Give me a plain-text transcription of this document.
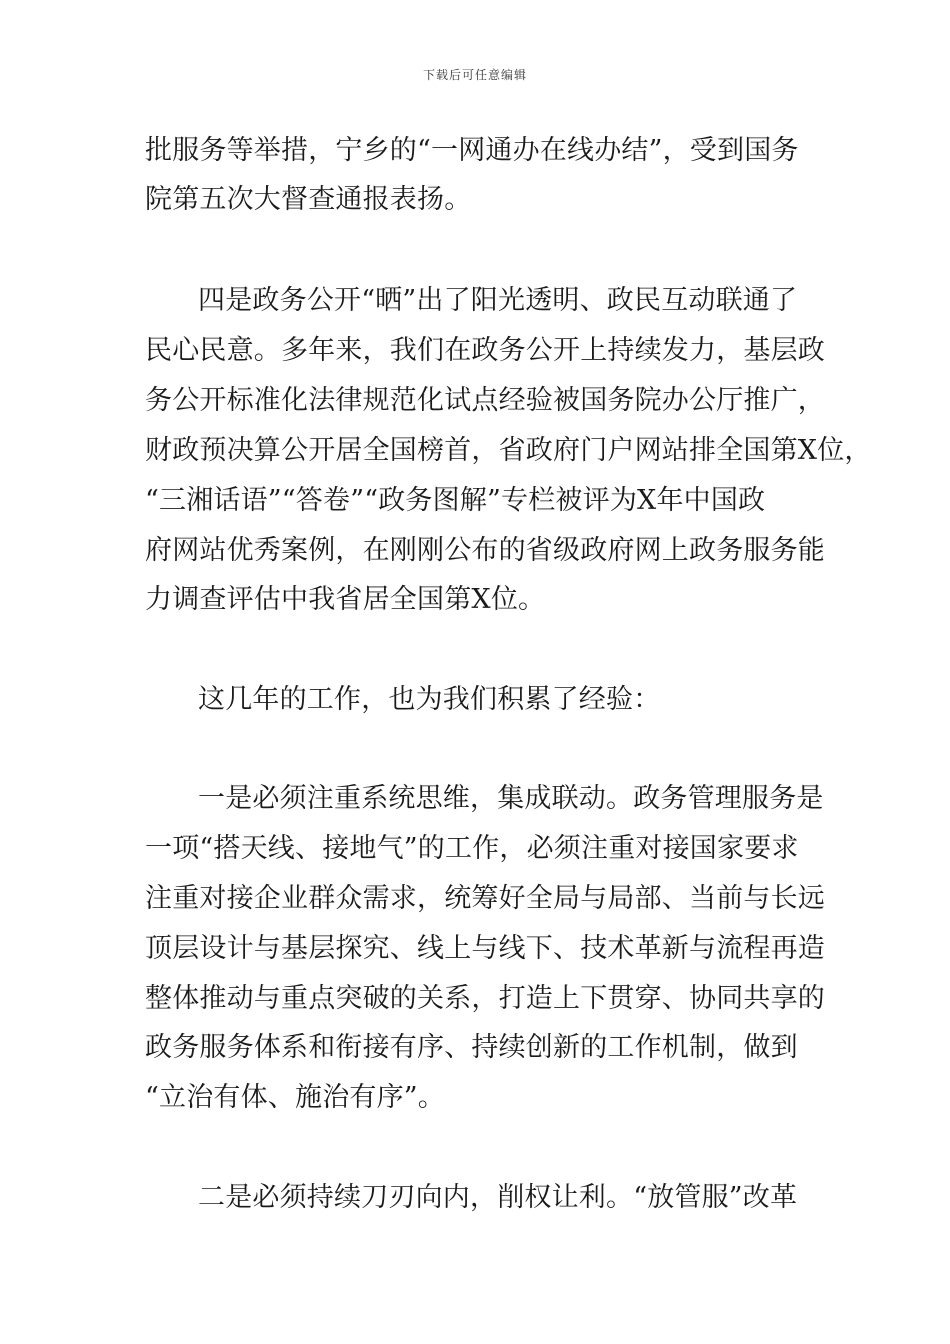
下载后可任意编辑
批服务等举措，宁乡的“一网通办在线办结”，受到国务
院第五次大督查通报表扬。
四是政务公开“晒”出了阳光透明、政民互动联通了
民心民意。多年来，我们在政务公开上持续发力，基层政
务公开标准化法律规范化试点经验被国务院办公厅推广，
财政预决算公开居全国榜首，省政府门户网站排全国第X位，
“三湘话语”“答卷”“政务图解”专栏被评为X年中国政
府网站优秀案例，在刚刚公布的省级政府网上政务服务能
力调查评估中我省居全国第X位。
这几年的工作，也为我们积累了经验：
一是必须注重系统思维，集成联动。政务管理服务是
一项“搭天线、接地气”的工作，必须注重对接国家要求
注重对接企业群众需求，统筹好全局与局部、当前与长远
顶层设计与基层探究、线上与线下、技术革新与流程再造
整体推动与重点突破的关系，打造上下贯穿、协同共享的
政务服务体系和衔接有序、持续创新的工作机制，做到
“立治有体、施治有序”。
二是必须持续刀刃向内，削权让利。“放管服”改革
